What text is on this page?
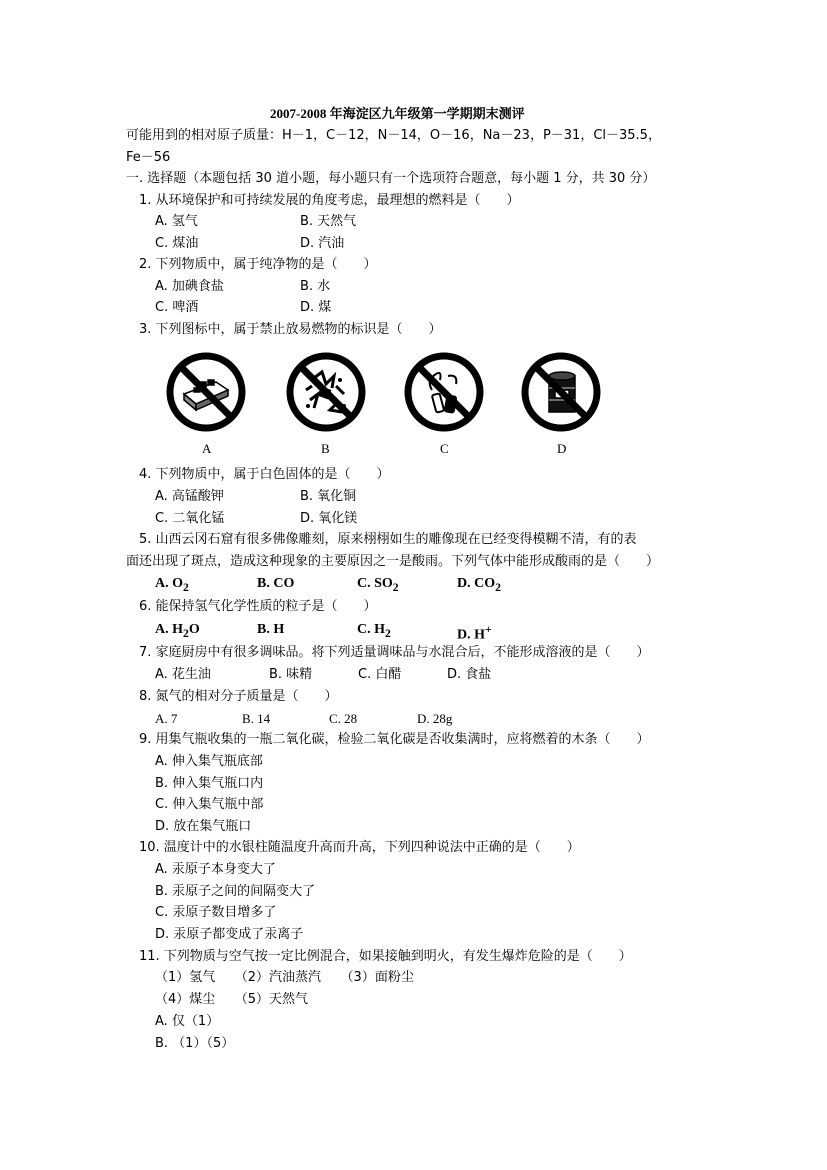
2007-2008 年海淀区九年级第一学期期末测评
可能用到的相对原子质量：H－1，C－12，N－14，O－16，Na－23，P－31，Cl－35.5，
Fe－56
一. 选择题（本题包括 30 道小题，每小题只有一个选项符合题意，每小题 1 分，共 30 分）
1. 从环境保护和可持续发展的角度考虑，最理想的燃料是（　　）
A. 氢气	B. 天然气
C. 煤油	D. 汽油
2. 下列物质中，属于纯净物的是（　　）
A. 加碘食盐	B. 水
C. 啤酒	D. 煤
3. 下列图标中，属于禁止放易燃物的标识是（　　）
A	B	C	D
4. 下列物质中，属于白色固体的是（　　）
A. 高锰酸钾	B. 氧化铜
C. 二氧化锰	D. 氧化镁
5. 山西云冈石窟有很多佛像雕刻，原来栩栩如生的雕像现在已经变得模糊不清，有的表
面还出现了斑点，造成这种现象的主要原因之一是酸雨。下列气体中能形成酸雨的是（　　）
A. $O_2$	B. CO	C. $SO_2$	D. $CO_2$
6. 能保持氢气化学性质的粒子是（　　）
A. $H_2O$	B. H	C. $H_2$	D. H+
7. 家庭厨房中有很多调味品。将下列适量调味品与水混合后，不能形成溶液的是（　　）
A. 花生油	B. 味精	C. 白醋	D. 食盐
8. 氮气的相对分子质量是（　　）
A. 7	B. 14	C. 28	D. 28g
9. 用集气瓶收集的一瓶二氧化碳，检验二氧化碳是否收集满时，应将燃着的木条（　　）
A. 伸入集气瓶底部
B. 伸入集气瓶口内
C. 伸入集气瓶中部
D. 放在集气瓶口
10. 温度计中的水银柱随温度升高而升高，下列四种说法中正确的是（　　）
A. 汞原子本身变大了
B. 汞原子之间的间隔变大了
C. 汞原子数目增多了
D. 汞原子都变成了汞离子
11. 下列物质与空气按一定比例混合，如果接触到明火，有发生爆炸危险的是（　　）
（1）氢气　　（2）汽油蒸汽　　（3）面粉尘
（4）煤尘　　（5）天然气
A. 仅（1）
B. （1）（5）
